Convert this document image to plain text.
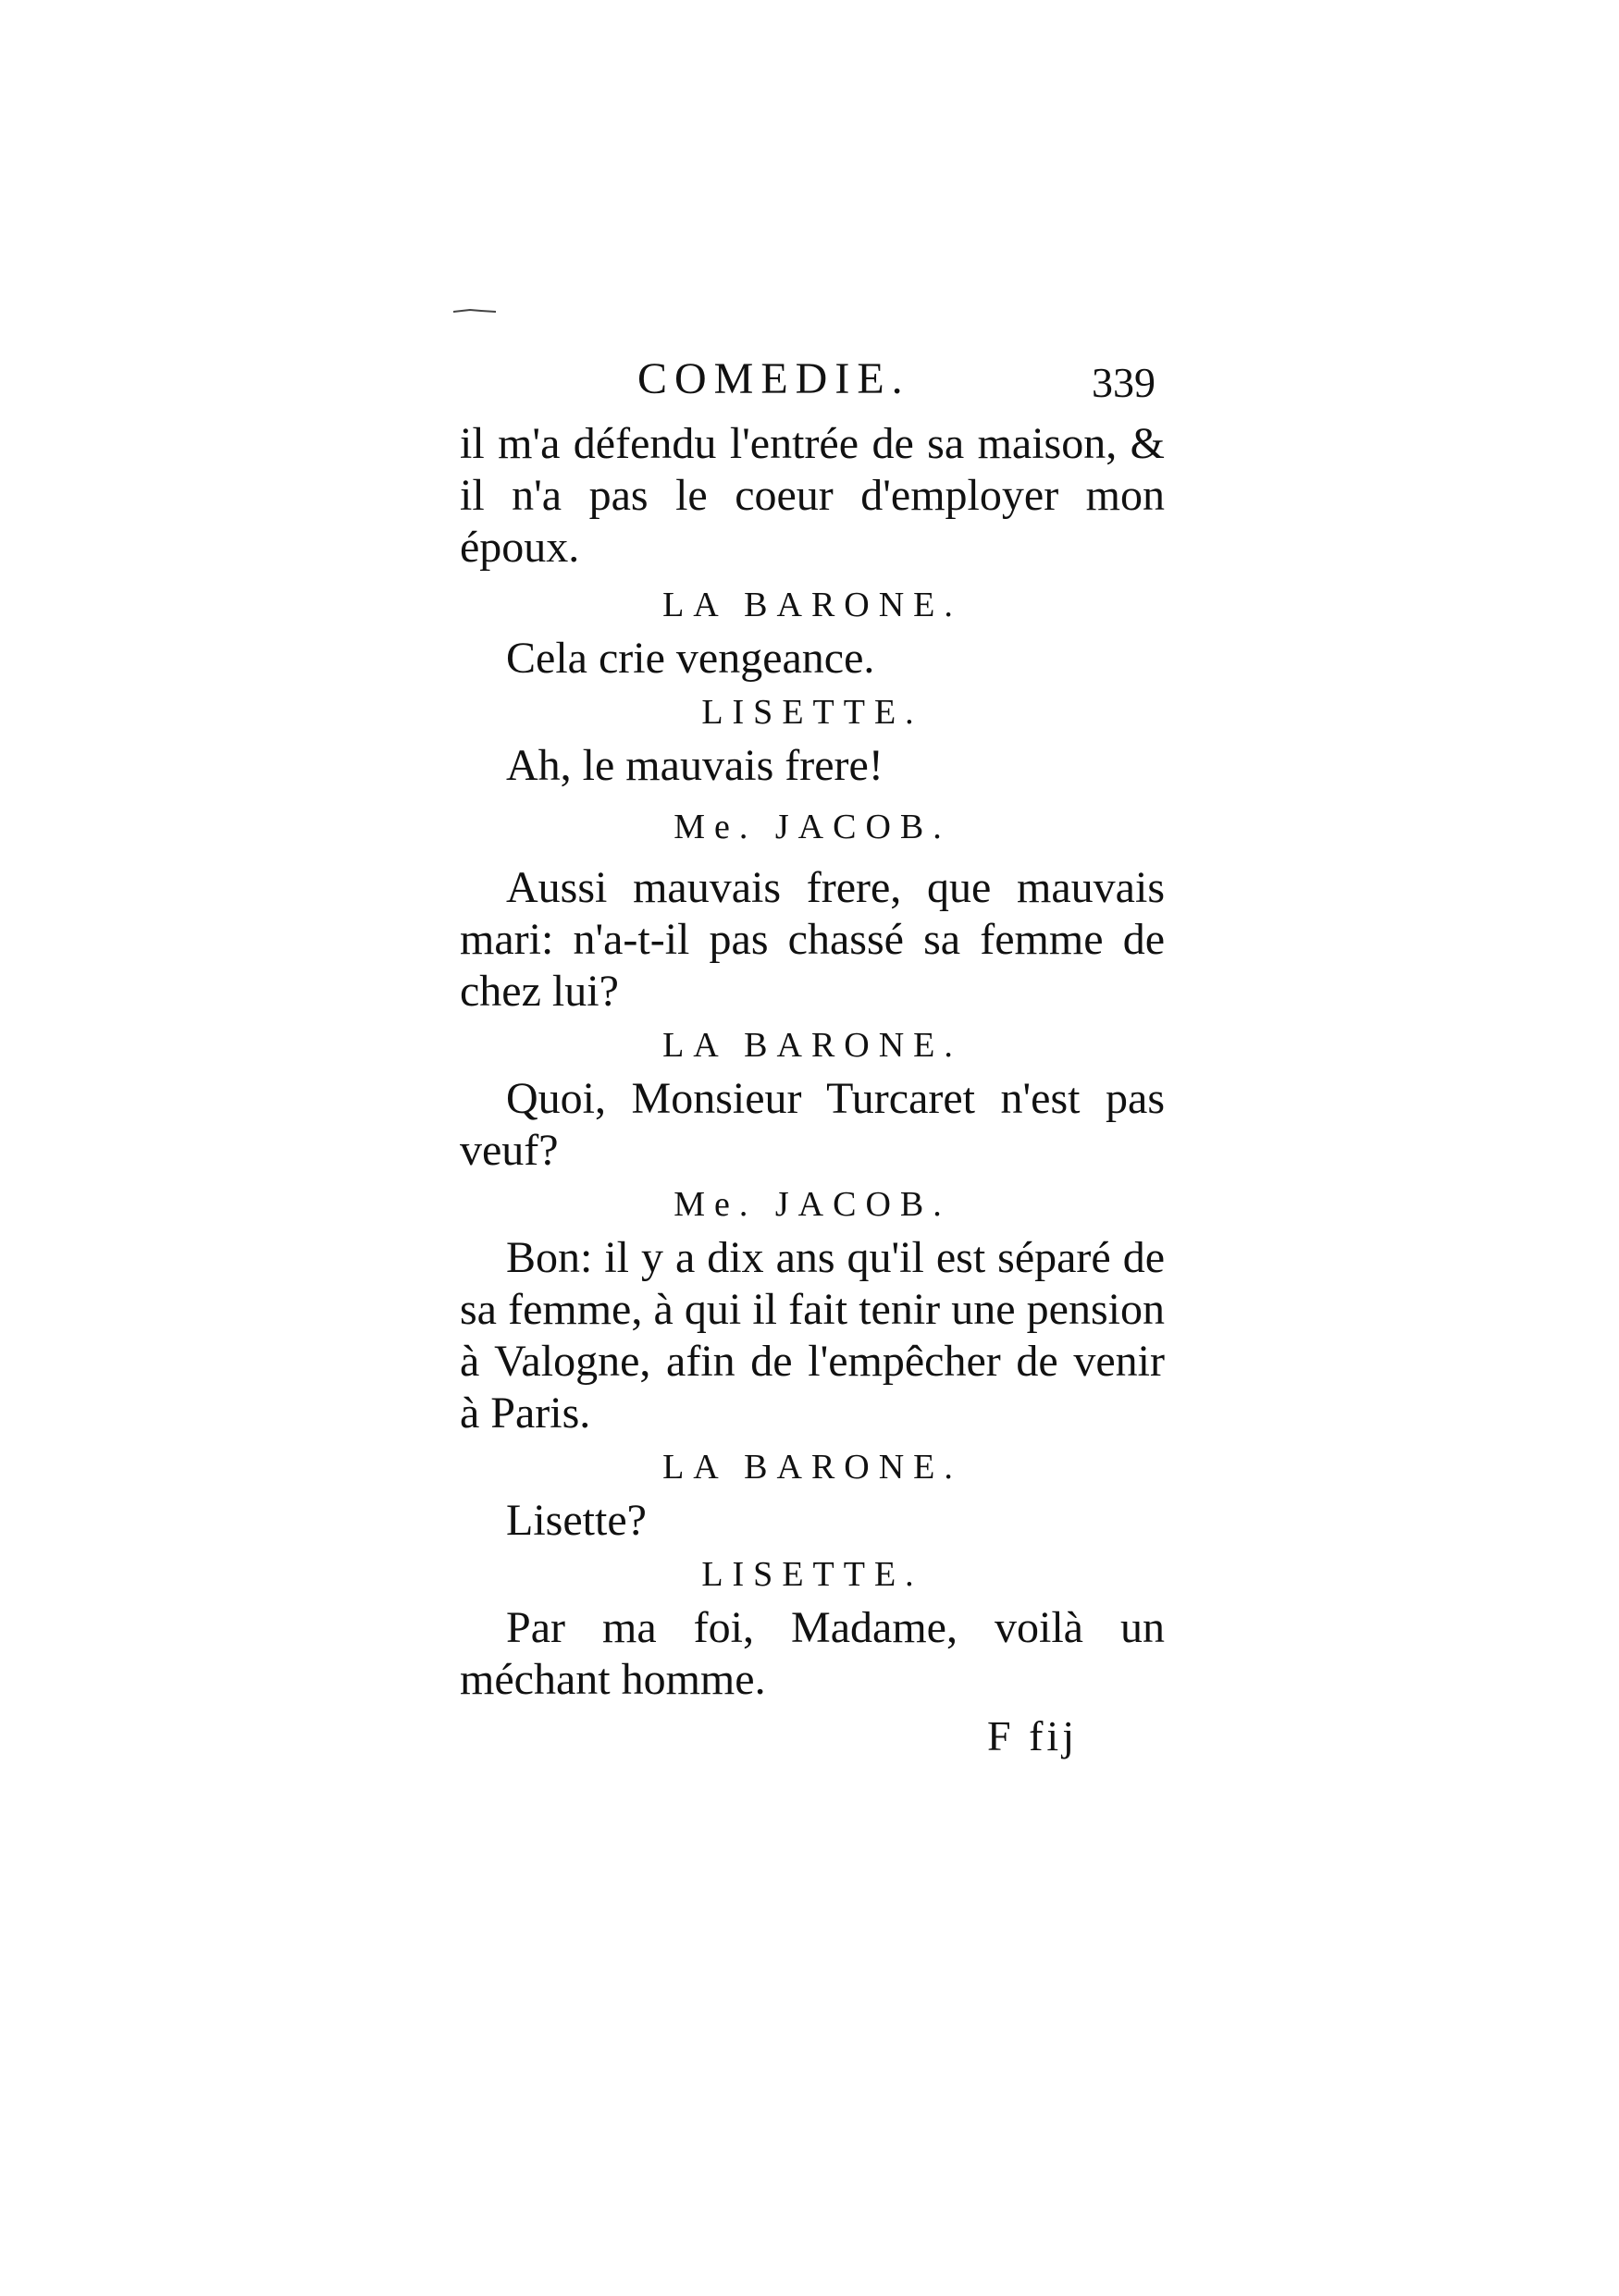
COMEDIE.	339

il m'a défendu l'entrée de sa maison, & il n'a pas le coeur d'employer mon époux.

LA BARONE.

Cela crie vengeance.

LISETTE.

Ah, le mauvais frere!

Me. JACOB.

Aussi mauvais frere, que mauvais mari: n'a-t-il pas chassé sa femme de chez lui?

LA BARONE.

Quoi, Monsieur Turcaret n'est pas veuf?

Me. JACOB.

Bon: il y a dix ans qu'il est séparé de sa femme, à qui il fait tenir une pension à Valogne, afin de l'empêcher de venir à Paris.

LA BARONE.

Lisette?

LISETTE.

Par ma foi, Madame, voilà un méchant homme.

F fij
